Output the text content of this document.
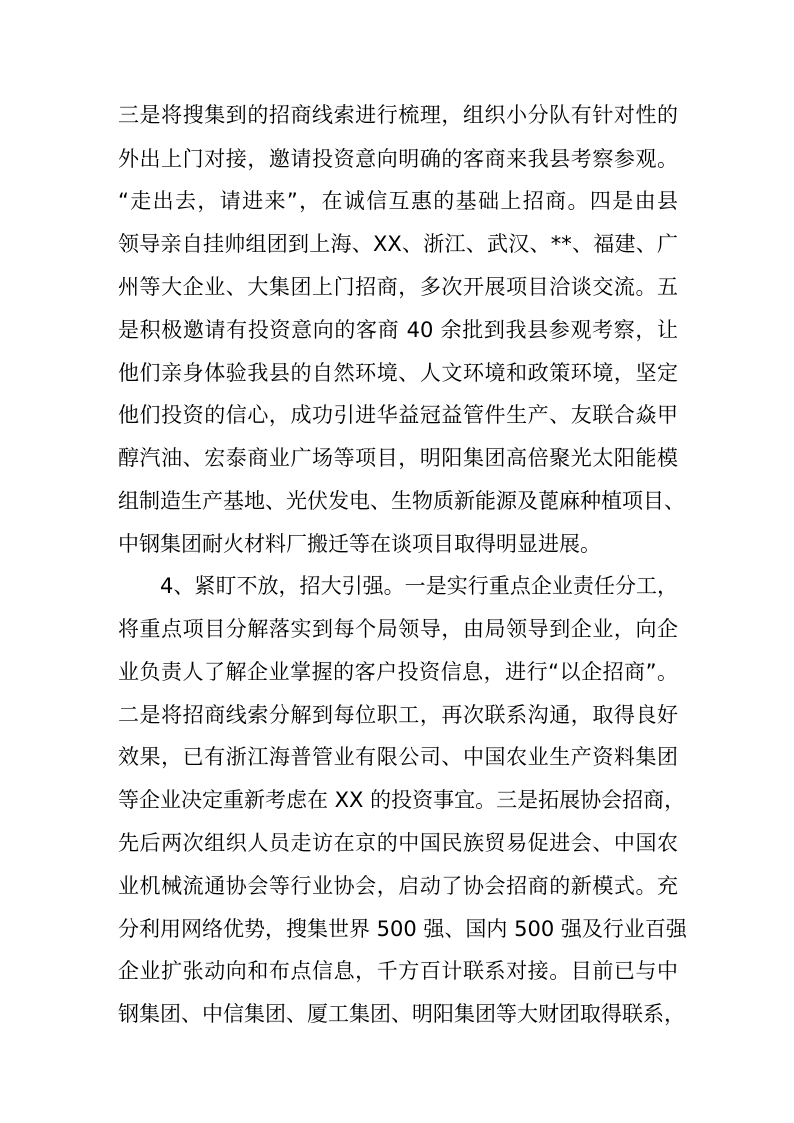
三是将搜集到的招商线索进行梳理，组织小分队有针对性的

外出上门对接，邀请投资意向明确的客商来我县考察参观。

“走出去，请进来”，在诚信互惠的基础上招商。四是由县

领导亲自挂帅组团到上海、XX、浙江、武汉、**、福建、广

州等大企业、大集团上门招商，多次开展项目洽谈交流。五

是积极邀请有投资意向的客商 40 余批到我县参观考察，让

他们亲身体验我县的自然环境、人文环境和政策环境，坚定

他们投资的信心，成功引进华益冠益管件生产、友联合焱甲

醇汽油、宏泰商业广场等项目，明阳集团高倍聚光太阳能模

组制造生产基地、光伏发电、生物质新能源及蓖麻种植项目、

中钢集团耐火材料厂搬迁等在谈项目取得明显进展。

4、紧盯不放，招大引强。一是实行重点企业责任分工，

将重点项目分解落实到每个局领导，由局领导到企业，向企

业负责人了解企业掌握的客户投资信息，进行“以企招商”。

二是将招商线索分解到每位职工，再次联系沟通，取得良好

效果，已有浙江海普管业有限公司、中国农业生产资料集团

等企业决定重新考虑在 XX 的投资事宜。三是拓展协会招商，

先后两次组织人员走访在京的中国民族贸易促进会、中国农

业机械流通协会等行业协会，启动了协会招商的新模式。充

分利用网络优势，搜集世界 500 强、国内 500 强及行业百强

企业扩张动向和布点信息，千方百计联系对接。目前已与中

钢集团、中信集团、厦工集团、明阳集团等大财团取得联系，
